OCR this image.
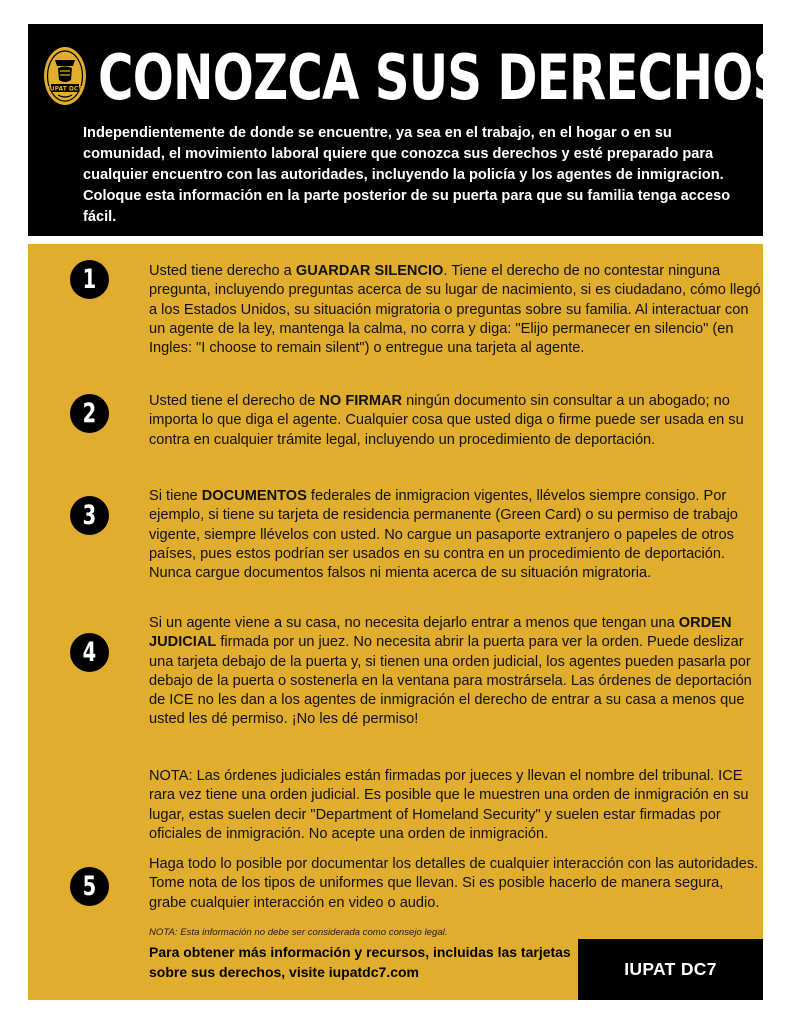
IUPAT DC7 CONOZCA SUS DERECHOS

Independientemente de donde se encuentre, ya sea en el trabajo, en el hogar o en su comunidad, el movimiento laboral quiere que conozca sus derechos y esté preparado para cualquier encuentro con las autoridades, incluyendo la policía y los agentes de inmigracion. Coloque esta información en la parte posterior de su puerta para que su familia tenga acceso fácil.

1	Usted tiene derecho a GUARDAR SILENCIO. Tiene el derecho de no contestar ninguna pregunta, incluyendo preguntas acerca de su lugar de nacimiento, si es ciudadano, cómo llegó a los Estados Unidos, su situación migratoria o preguntas sobre su familia. Al interactuar con un agente de la ley, mantenga la calma, no corra y diga: "Elijo permanecer en silencio" (en Ingles: "I choose to remain silent") o entregue una tarjeta al agente.

2	Usted tiene el derecho de NO FIRMAR ningún documento sin consultar a un abogado; no importa lo que diga el agente. Cualquier cosa que usted diga o firme puede ser usada en su contra en cualquier trámite legal, incluyendo un procedimiento de deportación.

3

Si tiene DOCUMENTOS federales de inmigracion vigentes, llévelos siempre consigo. Por ejemplo, si tiene su tarjeta de residencia permanente (Green Card) o su permiso de trabajo vigente, siempre llévelos con usted. No cargue un pasaporte extranjero o papeles de otros países, pues estos podrían ser usados en su contra en un procedimiento de deportación. Nunca cargue documentos falsos ni mienta acerca de su situación migratoria.

4

Si un agente viene a su casa, no necesita dejarlo entrar a menos que tengan una ORDEN JUDICIAL firmada por un juez. No necesita abrir la puerta para ver la orden. Puede deslizar una tarjeta debajo de la puerta y, si tienen una orden judicial, los agentes pueden pasarla por debajo de la puerta o sostenerla en la ventana para mostrársela. Las órdenes de deportación de ICE no les dan a los agentes de inmigración el derecho de entrar a su casa a menos que usted les dé permiso. ¡No les dé permiso!

NOTA: Las órdenes judiciales están firmadas por jueces y llevan el nombre del tribunal. ICE rara vez tiene una orden judicial. Es posible que le muestren una orden de inmigración en su lugar, estas suelen decir "Department of Homeland Security" y suelen estar firmadas por oficiales de inmigración. No acepte una orden de inmigración.

5

Haga todo lo posible por documentar los detalles de cualquier interacción con las autoridades. Tome nota de los tipos de uniformes que llevan. Si es posible hacerlo de manera segura, grabe cualquier interacción en video o audio.

NOTA: Esta información no debe ser considerada como consejo legal.

Para obtener más información y recursos, incluidas las tarjetas sobre sus derechos, visite iupatdc7.com	IUPAT DC7
